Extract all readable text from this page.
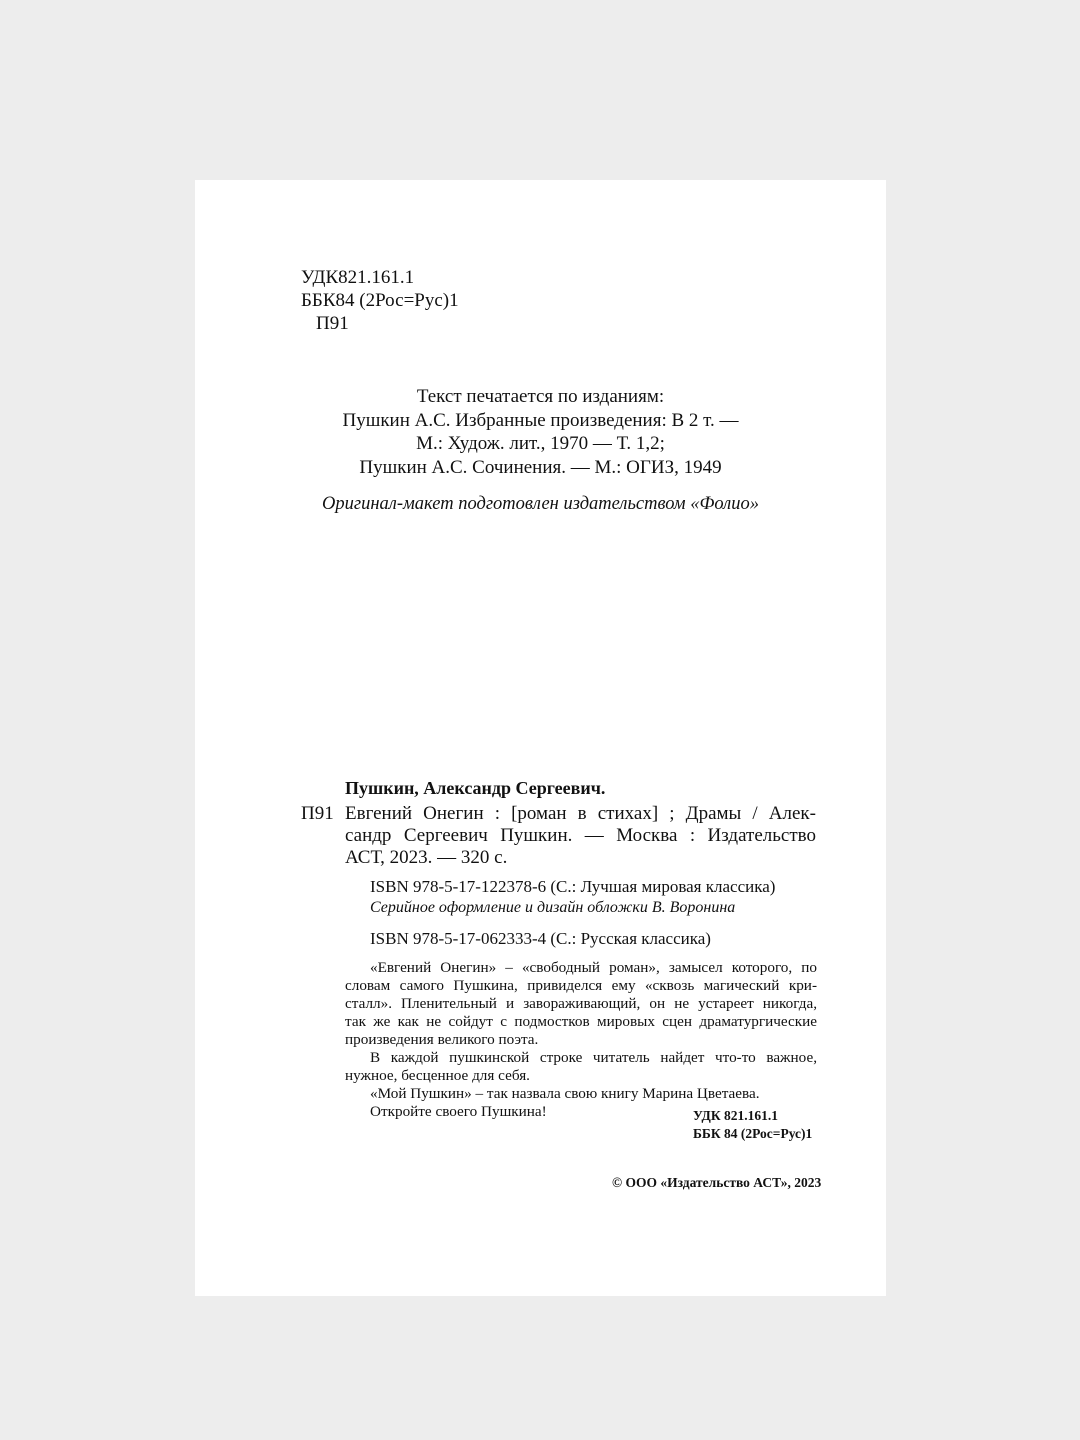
УДК821.161.1
ББК84 (2Рос=Рус)1
П91
Текст печатается по изданиям:
Пушкин А.С. Избранные произведения: В 2 т. —
М.: Худож. лит., 1970 — Т. 1,2;
Пушкин А.С. Сочинения. — М.: ОГИЗ, 1949
Оригинал-макет подготовлен издательством «Фолио»
Пушкин, Александр Сергеевич.
П91 Евгений Онегин : [роман в стихах] ; Драмы / Алек-
сандр Сергеевич Пушкин. — Москва : Издательство
АСТ, 2023. — 320 с.
ISBN 978-5-17-122378-6 (С.: Лучшая мировая классика)
Серийное оформление и дизайн обложки В. Воронина
ISBN 978-5-17-062333-4 (С.: Русская классика)
«Евгений Онегин» – «свободный роман», замысел которого, по
словам самого Пушкина, привиделся ему «сквозь магический кри-
сталл». Пленительный и завораживающий, он не устареет никогда,
так же как не сойдут с подмостков мировых сцен драматургические
произведения великого поэта.
В каждой пушкинской строке читатель найдет что-то важное,
нужное, бесценное для себя.
«Мой Пушкин» – так назвала свою книгу Марина Цветаева.
Откройте своего Пушкина!	УДК 821.161.1
ББК 84 (2Рос=Рус)1
© ООО «Издательство АСТ», 2023
